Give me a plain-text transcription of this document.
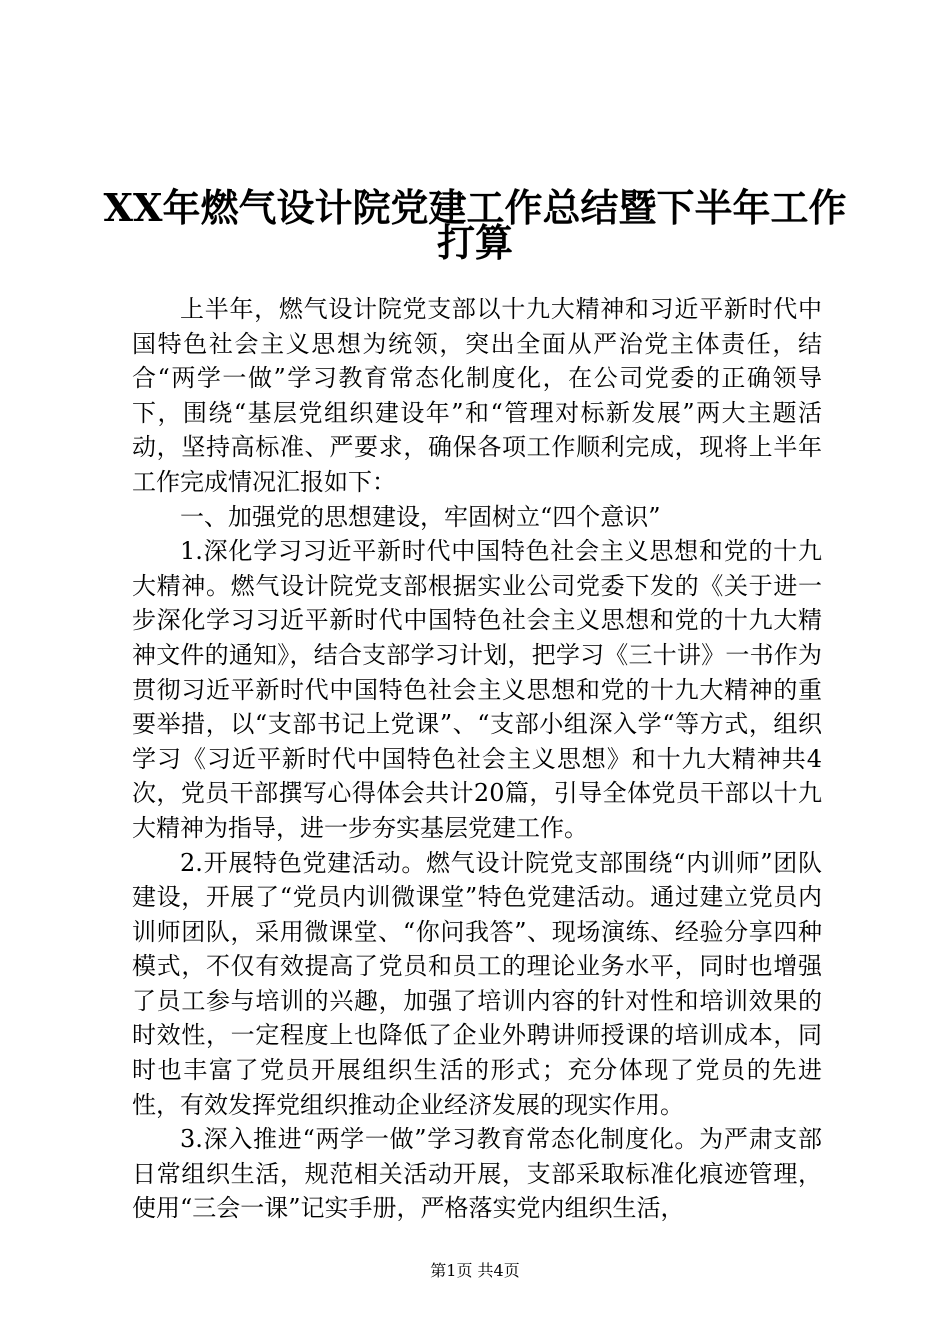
XX年燃气设计院党建工作总结暨下半年工作
打算

上半年，燃气设计院党支部以十九大精神和习近平新时代中国特色社会主义思想为统领，突出全面从严治党主体责任，结合“两学一做”学习教育常态化制度化，在公司党委的正确领导下，围绕“基层党组织建设年”和“管理对标新发展”两大主题活动，坚持高标准、严要求，确保各项工作顺利完成，现将上半年工作完成情况汇报如下：

一、加强党的思想建设，牢固树立“四个意识”

1.深化学习习近平新时代中国特色社会主义思想和党的十九大精神。燃气设计院党支部根据实业公司党委下发的《关于进一步深化学习习近平新时代中国特色社会主义思想和党的十九大精神文件的通知》，结合支部学习计划，把学习《三十讲》一书作为贯彻习近平新时代中国特色社会主义思想和党的十九大精神的重要举措，以“支部书记上党课”、“支部小组深入学“等方式，组织学习《习近平新时代中国特色社会主义思想》和十九大精神共4次，党员干部撰写心得体会共计20篇，引导全体党员干部以十九大精神为指导，进一步夯实基层党建工作。

2.开展特色党建活动。燃气设计院党支部围绕“内训师”团队建设，开展了“党员内训微课堂”特色党建活动。通过建立党员内训师团队，采用微课堂、“你问我答”、现场演练、经验分享四种模式，不仅有效提高了党员和员工的理论业务水平，同时也增强了员工参与培训的兴趣，加强了培训内容的针对性和培训效果的时效性，一定程度上也降低了企业外聘讲师授课的培训成本，同时也丰富了党员开展组织生活的形式；充分体现了党员的先进性，有效发挥党组织推动企业经济发展的现实作用。

3.深入推进“两学一做”学习教育常态化制度化。为严肃支部日常组织生活，规范相关活动开展，支部采取标准化痕迹管理，使用“三会一课”记实手册，严格落实党内组织生活，

第1页 共4页
